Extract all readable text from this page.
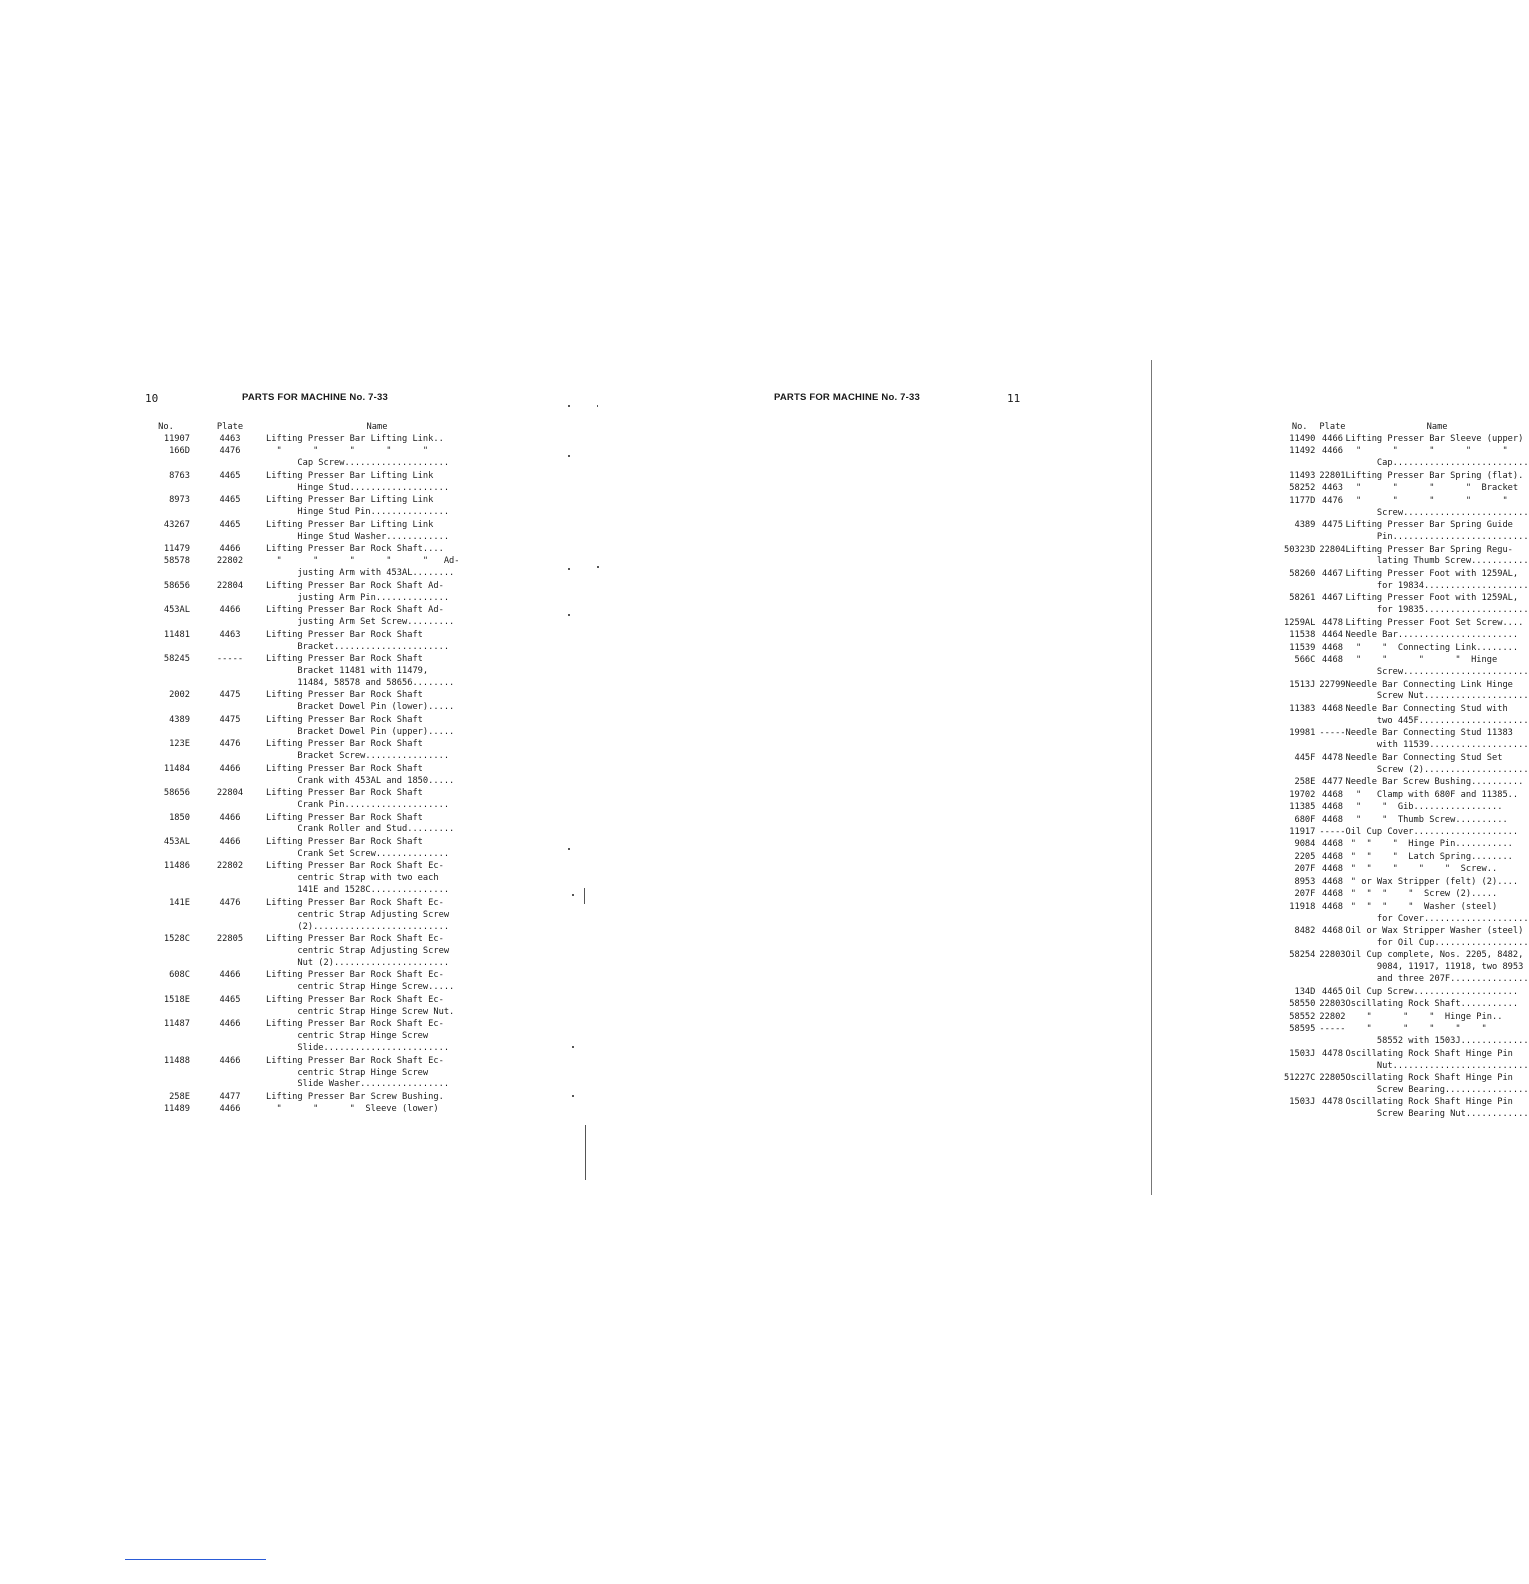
10	PARTS FOR MACHINE No. 7-33
No.	Plate	Name
11907	4463	Lifting Presser Bar Lifting Link..
166D	4476	"      "      "      "      "
Cap Screw....................
8763	4465	Lifting Presser Bar Lifting Link
Hinge Stud...................
8973	4465	Lifting Presser Bar Lifting Link
Hinge Stud Pin...............
43267	4465	Lifting Presser Bar Lifting Link
Hinge Stud Washer............
11479	4466	Lifting Presser Bar Rock Shaft....
58578	22802	"      "      "      "      "   Ad-
justing Arm with 453AL........
58656	22804	Lifting Presser Bar Rock Shaft Ad-
justing Arm Pin..............
453AL	4466	Lifting Presser Bar Rock Shaft Ad-
justing Arm Set Screw.........
11481	4463	Lifting Presser Bar Rock Shaft
Bracket......................
58245	-----	Lifting Presser Bar Rock Shaft
Bracket 11481 with 11479,
11484, 58578 and 58656........
2002	4475	Lifting Presser Bar Rock Shaft
Bracket Dowel Pin (lower).....
4389	4475	Lifting Presser Bar Rock Shaft
Bracket Dowel Pin (upper).....
123E	4476	Lifting Presser Bar Rock Shaft
Bracket Screw................
11484	4466	Lifting Presser Bar Rock Shaft
Crank with 453AL and 1850.....
58656	22804	Lifting Presser Bar Rock Shaft
Crank Pin....................
1850	4466	Lifting Presser Bar Rock Shaft
Crank Roller and Stud.........
453AL	4466	Lifting Presser Bar Rock Shaft
Crank Set Screw..............
11486	22802	Lifting Presser Bar Rock Shaft Ec-
centric Strap with two each
141E and 1528C...............
141E	4476	Lifting Presser Bar Rock Shaft Ec-
centric Strap Adjusting Screw
(2)..........................
1528C	22805	Lifting Presser Bar Rock Shaft Ec-
centric Strap Adjusting Screw
Nut (2)......................
608C	4466	Lifting Presser Bar Rock Shaft Ec-
centric Strap Hinge Screw.....
1518E	4465	Lifting Presser Bar Rock Shaft Ec-
centric Strap Hinge Screw Nut.
11487	4466	Lifting Presser Bar Rock Shaft Ec-
centric Strap Hinge Screw
Slide........................
11488	4466	Lifting Presser Bar Rock Shaft Ec-
centric Strap Hinge Screw
Slide Washer.................
258E	4477	Lifting Presser Bar Screw Bushing.
11489	4466	"      "      "  Sleeve (lower)
PARTS FOR MACHINE No. 7-33	11
No.	Plate	Name
11490	4466	Lifting Presser Bar Sleeve (upper)
11492	4466	"      "      "      "      "
Cap..........................
11493	22801	Lifting Presser Bar Spring (flat).
58252	4463	"      "      "      "  Bracket
1177D	4476	"      "      "      "      "
Screw........................
4389	4475	Lifting Presser Bar Spring Guide
Pin..........................
50323D	22804	Lifting Presser Bar Spring Regu-
lating Thumb Screw...........
58260	4467	Lifting Presser Foot with 1259AL,
for 19834....................
58261	4467	Lifting Presser Foot with 1259AL,
for 19835....................
1259AL	4478	Lifting Presser Foot Set Screw....
11538	4464	Needle Bar.......................
11539	4468	"    "  Connecting Link........
566C	4468	"    "      "      "  Hinge
Screw........................
1513J	22799	Needle Bar Connecting Link Hinge
Screw Nut....................
11383	4468	Needle Bar Connecting Stud with
two 445F.....................
19981	-----	Needle Bar Connecting Stud 11383
with 11539...................
445F	4478	Needle Bar Connecting Stud Set
Screw (2)....................
258E	4477	Needle Bar Screw Bushing..........
19702	4468	"   Clamp with 680F and 11385..
11385	4468	"    "  Gib.................
680F	4468	"    "  Thumb Screw..........
11917	-----	Oil Cup Cover....................
9084	4468	"  "    "  Hinge Pin...........
2205	4468	"  "    "  Latch Spring........
207F	4468	"  "    "    "    "  Screw..
8953	4468	" or Wax Stripper (felt) (2)....
207F	4468	"  "  "    "  Screw (2).....
11918	4468	"  "  "    "  Washer (steel)
for Cover....................
8482	4468	Oil or Wax Stripper Washer (steel)
for Oil Cup..................
58254	22803	Oil Cup complete, Nos. 2205, 8482,
9084, 11917, 11918, two 8953
and three 207F...............
134D	4465	Oil Cup Screw....................
58550	22803	Oscillating Rock Shaft...........
58552	22802	"      "    "  Hinge Pin..
58595	-----	"      "    "    "    "
58552 with 1503J.............
1503J	4478	Oscillating Rock Shaft Hinge Pin
Nut..........................
51227C	22805	Oscillating Rock Shaft Hinge Pin
Screw Bearing................
1503J	4478	Oscillating Rock Shaft Hinge Pin
Screw Bearing Nut............
